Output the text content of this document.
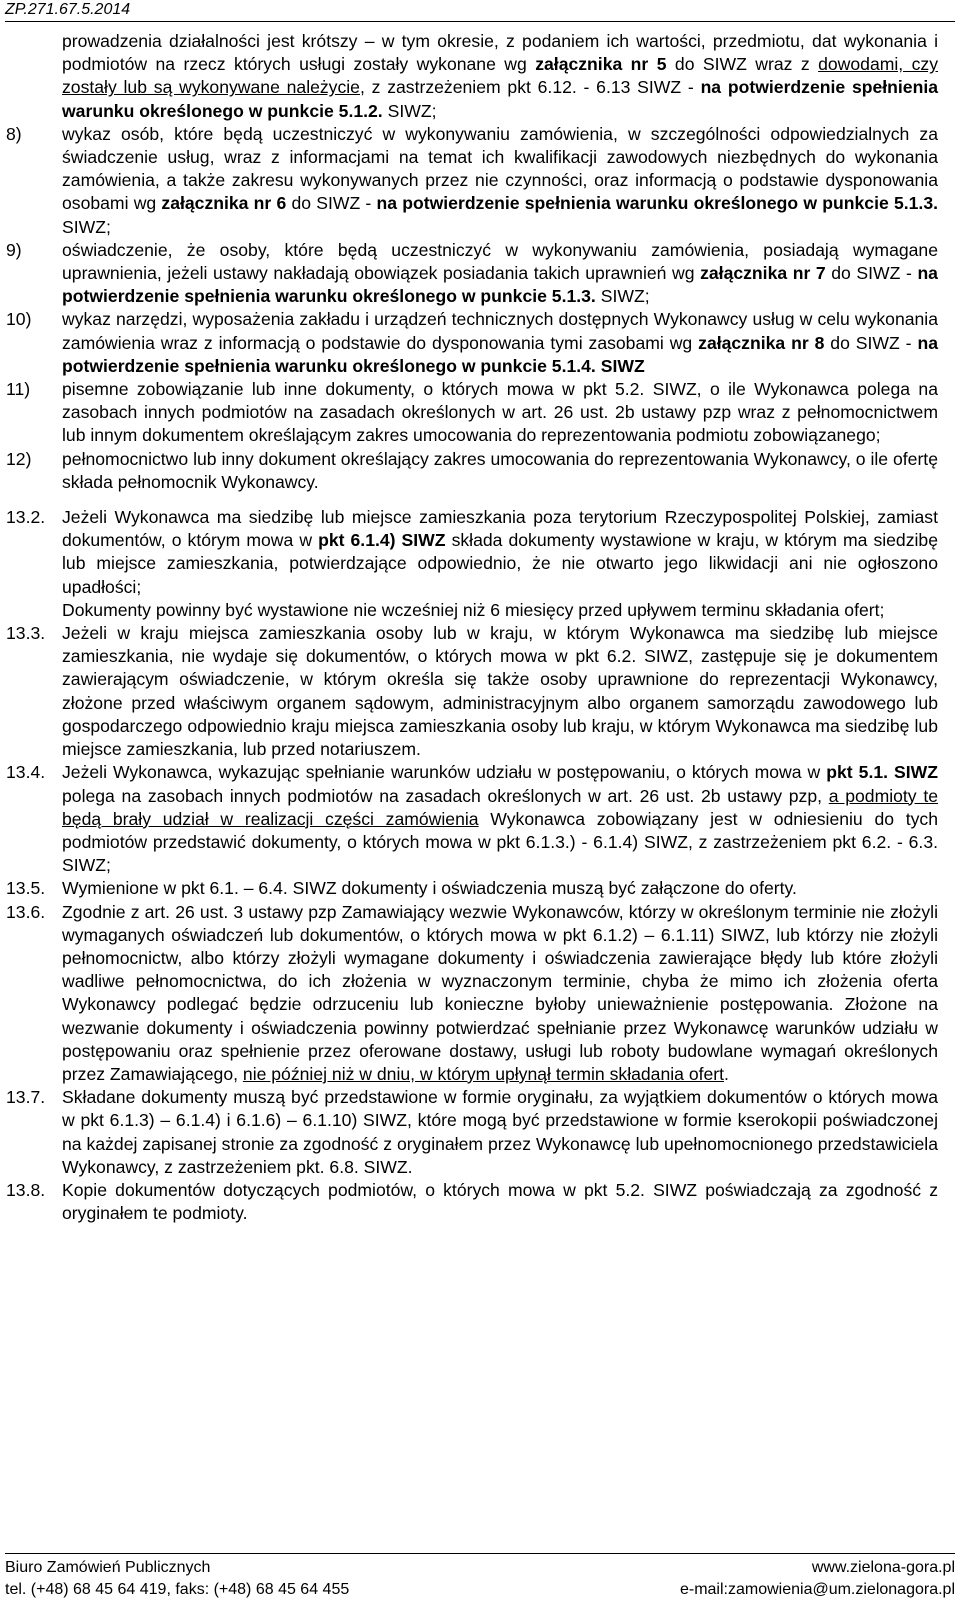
ZP.271.67.5.2014
prowadzenia działalności jest krótszy – w tym okresie, z podaniem ich wartości, przedmiotu, dat wykonania i podmiotów na rzecz których usługi zostały wykonane wg załącznika nr 5 do SIWZ wraz z dowodami, czy zostały lub są wykonywane należycie, z zastrzeżeniem pkt 6.12. - 6.13 SIWZ - na potwierdzenie spełnienia warunku określonego w punkcie 5.1.2. SIWZ;
8) wykaz osób, które będą uczestniczyć w wykonywaniu zamówienia, w szczególności odpowiedzialnych za świadczenie usług, wraz z informacjami na temat ich kwalifikacji zawodowych niezbędnych do wykonania zamówienia, a także zakresu wykonywanych przez nie czynności, oraz informacją o podstawie dysponowania osobami wg załącznika nr 6 do SIWZ - na potwierdzenie spełnienia warunku określonego w punkcie 5.1.3. SIWZ;
9) oświadczenie, że osoby, które będą uczestniczyć w wykonywaniu zamówienia, posiadają wymagane uprawnienia, jeżeli ustawy nakładają obowiązek posiadania takich uprawnień wg załącznika nr 7 do SIWZ - na potwierdzenie spełnienia warunku określonego w punkcie 5.1.3. SIWZ;
10) wykaz narzędzi, wyposażenia zakładu i urządzeń technicznych dostępnych Wykonawcy usług w celu wykonania zamówienia wraz z informacją o podstawie do dysponowania tymi zasobami wg załącznika nr 8 do SIWZ - na potwierdzenie spełnienia warunku określonego w punkcie 5.1.4. SIWZ
11) pisemne zobowiązanie lub inne dokumenty, o których mowa w pkt 5.2. SIWZ, o ile Wykonawca polega na zasobach innych podmiotów na zasadach określonych w art. 26 ust. 2b ustawy pzp wraz z pełnomocnictwem lub innym dokumentem określającym zakres umocowania do reprezentowania podmiotu zobowiązanego;
12) pełnomocnictwo lub inny dokument określający zakres umocowania do reprezentowania Wykonawcy, o ile ofertę składa pełnomocnik Wykonawcy.
13.2. Jeżeli Wykonawca ma siedzibę lub miejsce zamieszkania poza terytorium Rzeczypospolitej Polskiej, zamiast dokumentów, o którym mowa w pkt 6.1.4) SIWZ składa dokumenty wystawione w kraju, w którym ma siedzibę lub miejsce zamieszkania, potwierdzające odpowiednio, że nie otwarto jego likwidacji ani nie ogłoszono upadłości;
Dokumenty powinny być wystawione nie wcześniej niż 6 miesięcy przed upływem terminu składania ofert;
13.3. Jeżeli w kraju miejsca zamieszkania osoby lub w kraju, w którym Wykonawca ma siedzibę lub miejsce zamieszkania, nie wydaje się dokumentów, o których mowa w pkt 6.2. SIWZ, zastępuje się je dokumentem zawierającym oświadczenie, w którym określa się także osoby uprawnione do reprezentacji Wykonawcy, złożone przed właściwym organem sądowym, administracyjnym albo organem samorządu zawodowego lub gospodarczego odpowiednio kraju miejsca zamieszkania osoby lub kraju, w którym Wykonawca ma siedzibę lub miejsce zamieszkania, lub przed notariuszem.
13.4. Jeżeli Wykonawca, wykazując spełnianie warunków udziału w postępowaniu, o których mowa w pkt 5.1. SIWZ polega na zasobach innych podmiotów na zasadach określonych w art. 26 ust. 2b ustawy pzp, a podmioty te będą brały udział w realizacji części zamówienia Wykonawca zobowiązany jest w odniesieniu do tych podmiotów przedstawić dokumenty, o których mowa w pkt 6.1.3.) - 6.1.4) SIWZ, z zastrzeżeniem pkt 6.2. - 6.3. SIWZ;
13.5. Wymienione w pkt 6.1. – 6.4. SIWZ dokumenty i oświadczenia muszą być załączone do oferty.
13.6. Zgodnie z art. 26 ust. 3 ustawy pzp Zamawiający wezwie Wykonawców, którzy w określonym terminie nie złożyli wymaganych oświadczeń lub dokumentów, o których mowa w pkt 6.1.2) – 6.1.11) SIWZ, lub którzy nie złożyli pełnomocnictw, albo którzy złożyli wymagane dokumenty i oświadczenia zawierające błędy lub które złożyli wadliwe pełnomocnictwa, do ich złożenia w wyznaczonym terminie, chyba że mimo ich złożenia oferta Wykonawcy podlegać będzie odrzuceniu lub konieczne byłoby unieważnienie postępowania. Złożone na wezwanie dokumenty i oświadczenia powinny potwierdzać spełnianie przez Wykonawcę warunków udziału w postępowaniu oraz spełnienie przez oferowane dostawy, usługi lub roboty budowlane wymagań określonych przez Zamawiającego, nie później niż w dniu, w którym upłynął termin składania ofert.
13.7. Składane dokumenty muszą być przedstawione w formie oryginału, za wyjątkiem dokumentów o których mowa w pkt 6.1.3) – 6.1.4) i 6.1.6) – 6.1.10) SIWZ, które mogą być przedstawione w formie kserokopii poświadczonej na każdej zapisanej stronie za zgodność z oryginałem przez Wykonawcę lub upełnomocnionego przedstawiciela Wykonawcy, z zastrzeżeniem pkt. 6.8. SIWZ.
13.8. Kopie dokumentów dotyczących podmiotów, o których mowa w pkt 5.2. SIWZ poświadczają za zgodność z oryginałem te podmioty.
Biuro Zamówień Publicznych	www.zielona-gora.pl
tel. (+48) 68 45 64 419, faks: (+48) 68 45 64 455	e-mail:zamowienia@um.zielonagora.pl
